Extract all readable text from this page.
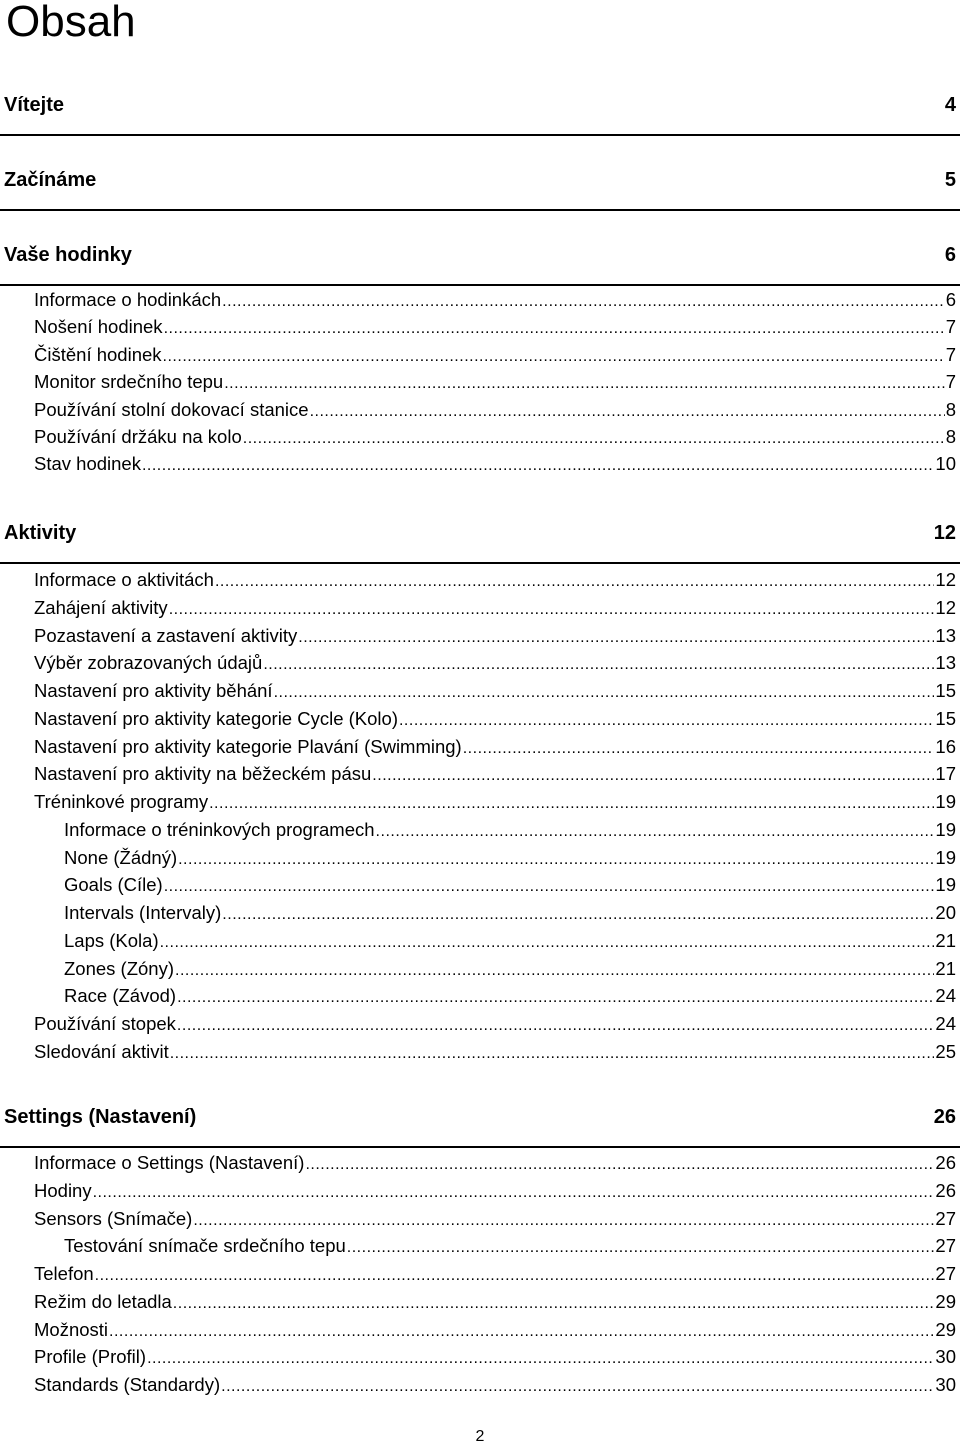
Obsah
Vítejte	4
Začínáme	5
Vaše hodinky	6
Informace o hodinkách .....	6
Nošení hodinek .....	7
Čištění hodinek .....	7
Monitor srdečního tepu .....	7
Používání stolní dokovací stanice .....	8
Používání držáku na kolo .....	8
Stav hodinek .....	10
Aktivity	12
Informace o aktivitách .....	12
Zahájení aktivity .....	12
Pozastavení a zastavení aktivity .....	13
Výběr zobrazovaných údajů .....	13
Nastavení pro aktivity běhání .....	15
Nastavení pro aktivity kategorie Cycle (Kolo) .....	15
Nastavení pro aktivity kategorie Plavání (Swimming) .....	16
Nastavení pro aktivity na běžeckém pásu .....	17
Tréninkové programy .....	19
Informace o tréninkových programech .....	19
None (Žádný) .....	19
Goals (Cíle) .....	19
Intervals (Intervaly) .....	20
Laps (Kola) .....	21
Zones (Zóny) .....	21
Race (Závod) .....	24
Používání stopek .....	24
Sledování aktivit .....	25
Settings (Nastavení)	26
Informace o Settings (Nastavení) .....	26
Hodiny .....	26
Sensors (Snímače) .....	27
Testování snímače srdečního tepu .....	27
Telefon .....	27
Režim do letadla .....	29
Možnosti .....	29
Profile (Profil) .....	30
Standards (Standardy) .....	30
2
